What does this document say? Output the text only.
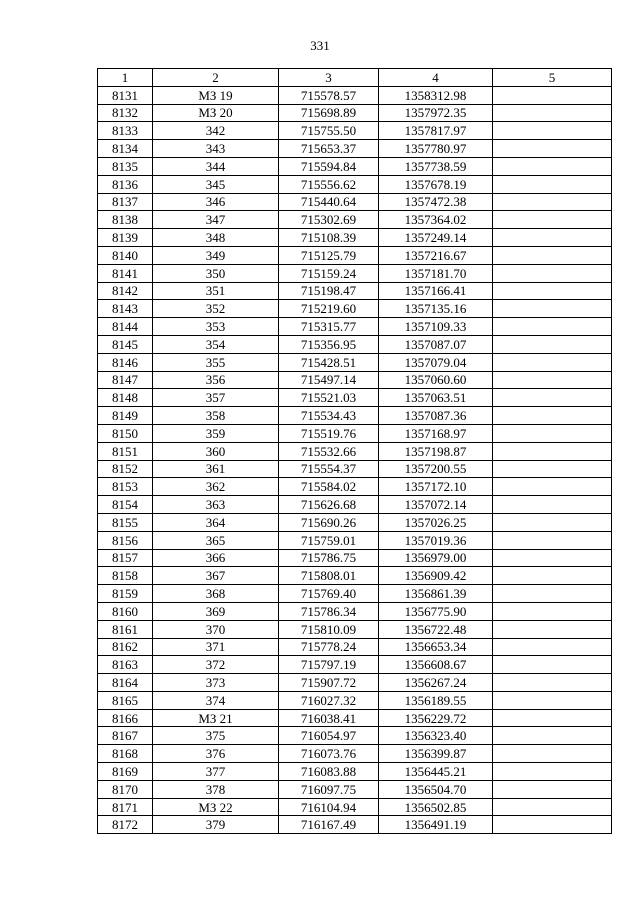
331
1	2	3	4	5
8131	МЗ 19	715578.57	1358312.98	
8132	МЗ 20	715698.89	1357972.35	
8133	342	715755.50	1357817.97	
8134	343	715653.37	1357780.97	
8135	344	715594.84	1357738.59	
8136	345	715556.62	1357678.19	
8137	346	715440.64	1357472.38	
8138	347	715302.69	1357364.02	
8139	348	715108.39	1357249.14	
8140	349	715125.79	1357216.67	
8141	350	715159.24	1357181.70	
8142	351	715198.47	1357166.41	
8143	352	715219.60	1357135.16	
8144	353	715315.77	1357109.33	
8145	354	715356.95	1357087.07	
8146	355	715428.51	1357079.04	
8147	356	715497.14	1357060.60	
8148	357	715521.03	1357063.51	
8149	358	715534.43	1357087.36	
8150	359	715519.76	1357168.97	
8151	360	715532.66	1357198.87	
8152	361	715554.37	1357200.55	
8153	362	715584.02	1357172.10	
8154	363	715626.68	1357072.14	
8155	364	715690.26	1357026.25	
8156	365	715759.01	1357019.36	
8157	366	715786.75	1356979.00	
8158	367	715808.01	1356909.42	
8159	368	715769.40	1356861.39	
8160	369	715786.34	1356775.90	
8161	370	715810.09	1356722.48	
8162	371	715778.24	1356653.34	
8163	372	715797.19	1356608.67	
8164	373	715907.72	1356267.24	
8165	374	716027.32	1356189.55	
8166	МЗ 21	716038.41	1356229.72	
8167	375	716054.97	1356323.40	
8168	376	716073.76	1356399.87	
8169	377	716083.88	1356445.21	
8170	378	716097.75	1356504.70	
8171	МЗ 22	716104.94	1356502.85	
8172	379	716167.49	1356491.19	
